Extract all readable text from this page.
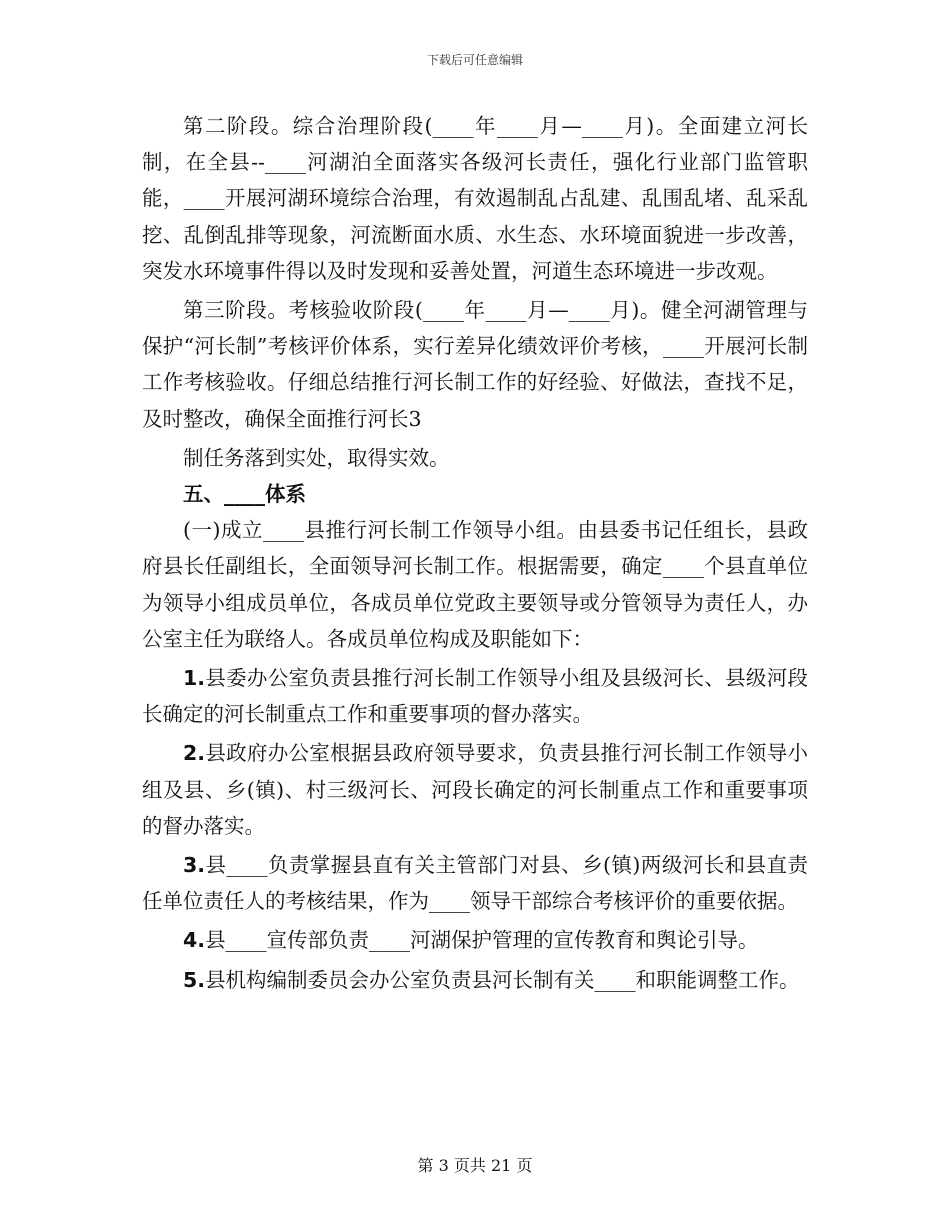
下载后可任意编辑

第二阶段。综合治理阶段(____年____月—____月)。全面建立河长制，在全县--____河湖泊全面落实各级河长责任，强化行业部门监管职能，____开展河湖环境综合治理，有效遏制乱占乱建、乱围乱堵、乱采乱挖、乱倒乱排等现象，河流断面水质、水生态、水环境面貌进一步改善，突发水环境事件得以及时发现和妥善处置，河道生态环境进一步改观。

第三阶段。考核验收阶段(____年____月—____月)。健全河湖管理与保护“河长制”考核评价体系，实行差异化绩效评价考核，____开展河长制工作考核验收。仔细总结推行河长制工作的好经验、好做法，查找不足，及时整改，确保全面推行河长3

制任务落到实处，取得实效。

五、____体系

(一)成立____县推行河长制工作领导小组。由县委书记任组长，县政府县长任副组长，全面领导河长制工作。根据需要，确定____个县直单位为领导小组成员单位，各成员单位党政主要领导或分管领导为责任人，办公室主任为联络人。各成员单位构成及职能如下：

1.县委办公室负责县推行河长制工作领导小组及县级河长、县级河段长确定的河长制重点工作和重要事项的督办落实。

2.县政府办公室根据县政府领导要求，负责县推行河长制工作领导小组及县、乡(镇)、村三级河长、河段长确定的河长制重点工作和重要事项的督办落实。

3.县____负责掌握县直有关主管部门对县、乡(镇)两级河长和县直责任单位责任人的考核结果，作为____领导干部综合考核评价的重要依据。

4.县____宣传部负责____河湖保护管理的宣传教育和舆论引导。

5.县机构编制委员会办公室负责县河长制有关____和职能调整工作。

第 3 页共 21 页
